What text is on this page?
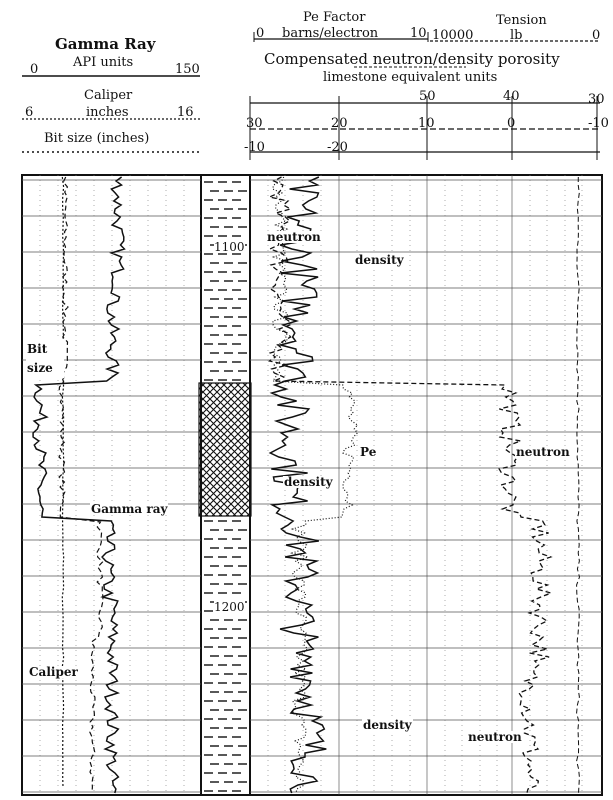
Gamma Ray
API units
0	150
Caliper
6	inches	16
Bit size (inches)
Pe Factor
0 barns/electron 10
Tension
10000	lb	0
Compensated neutron/density porosity
limestone equivalent units
50	40	30
30	20	10	0	-10
-10	-20
1100
1200
Bit size
Gamma ray
Caliper
neutron
density
Pe
density
neutron
density
neutron
